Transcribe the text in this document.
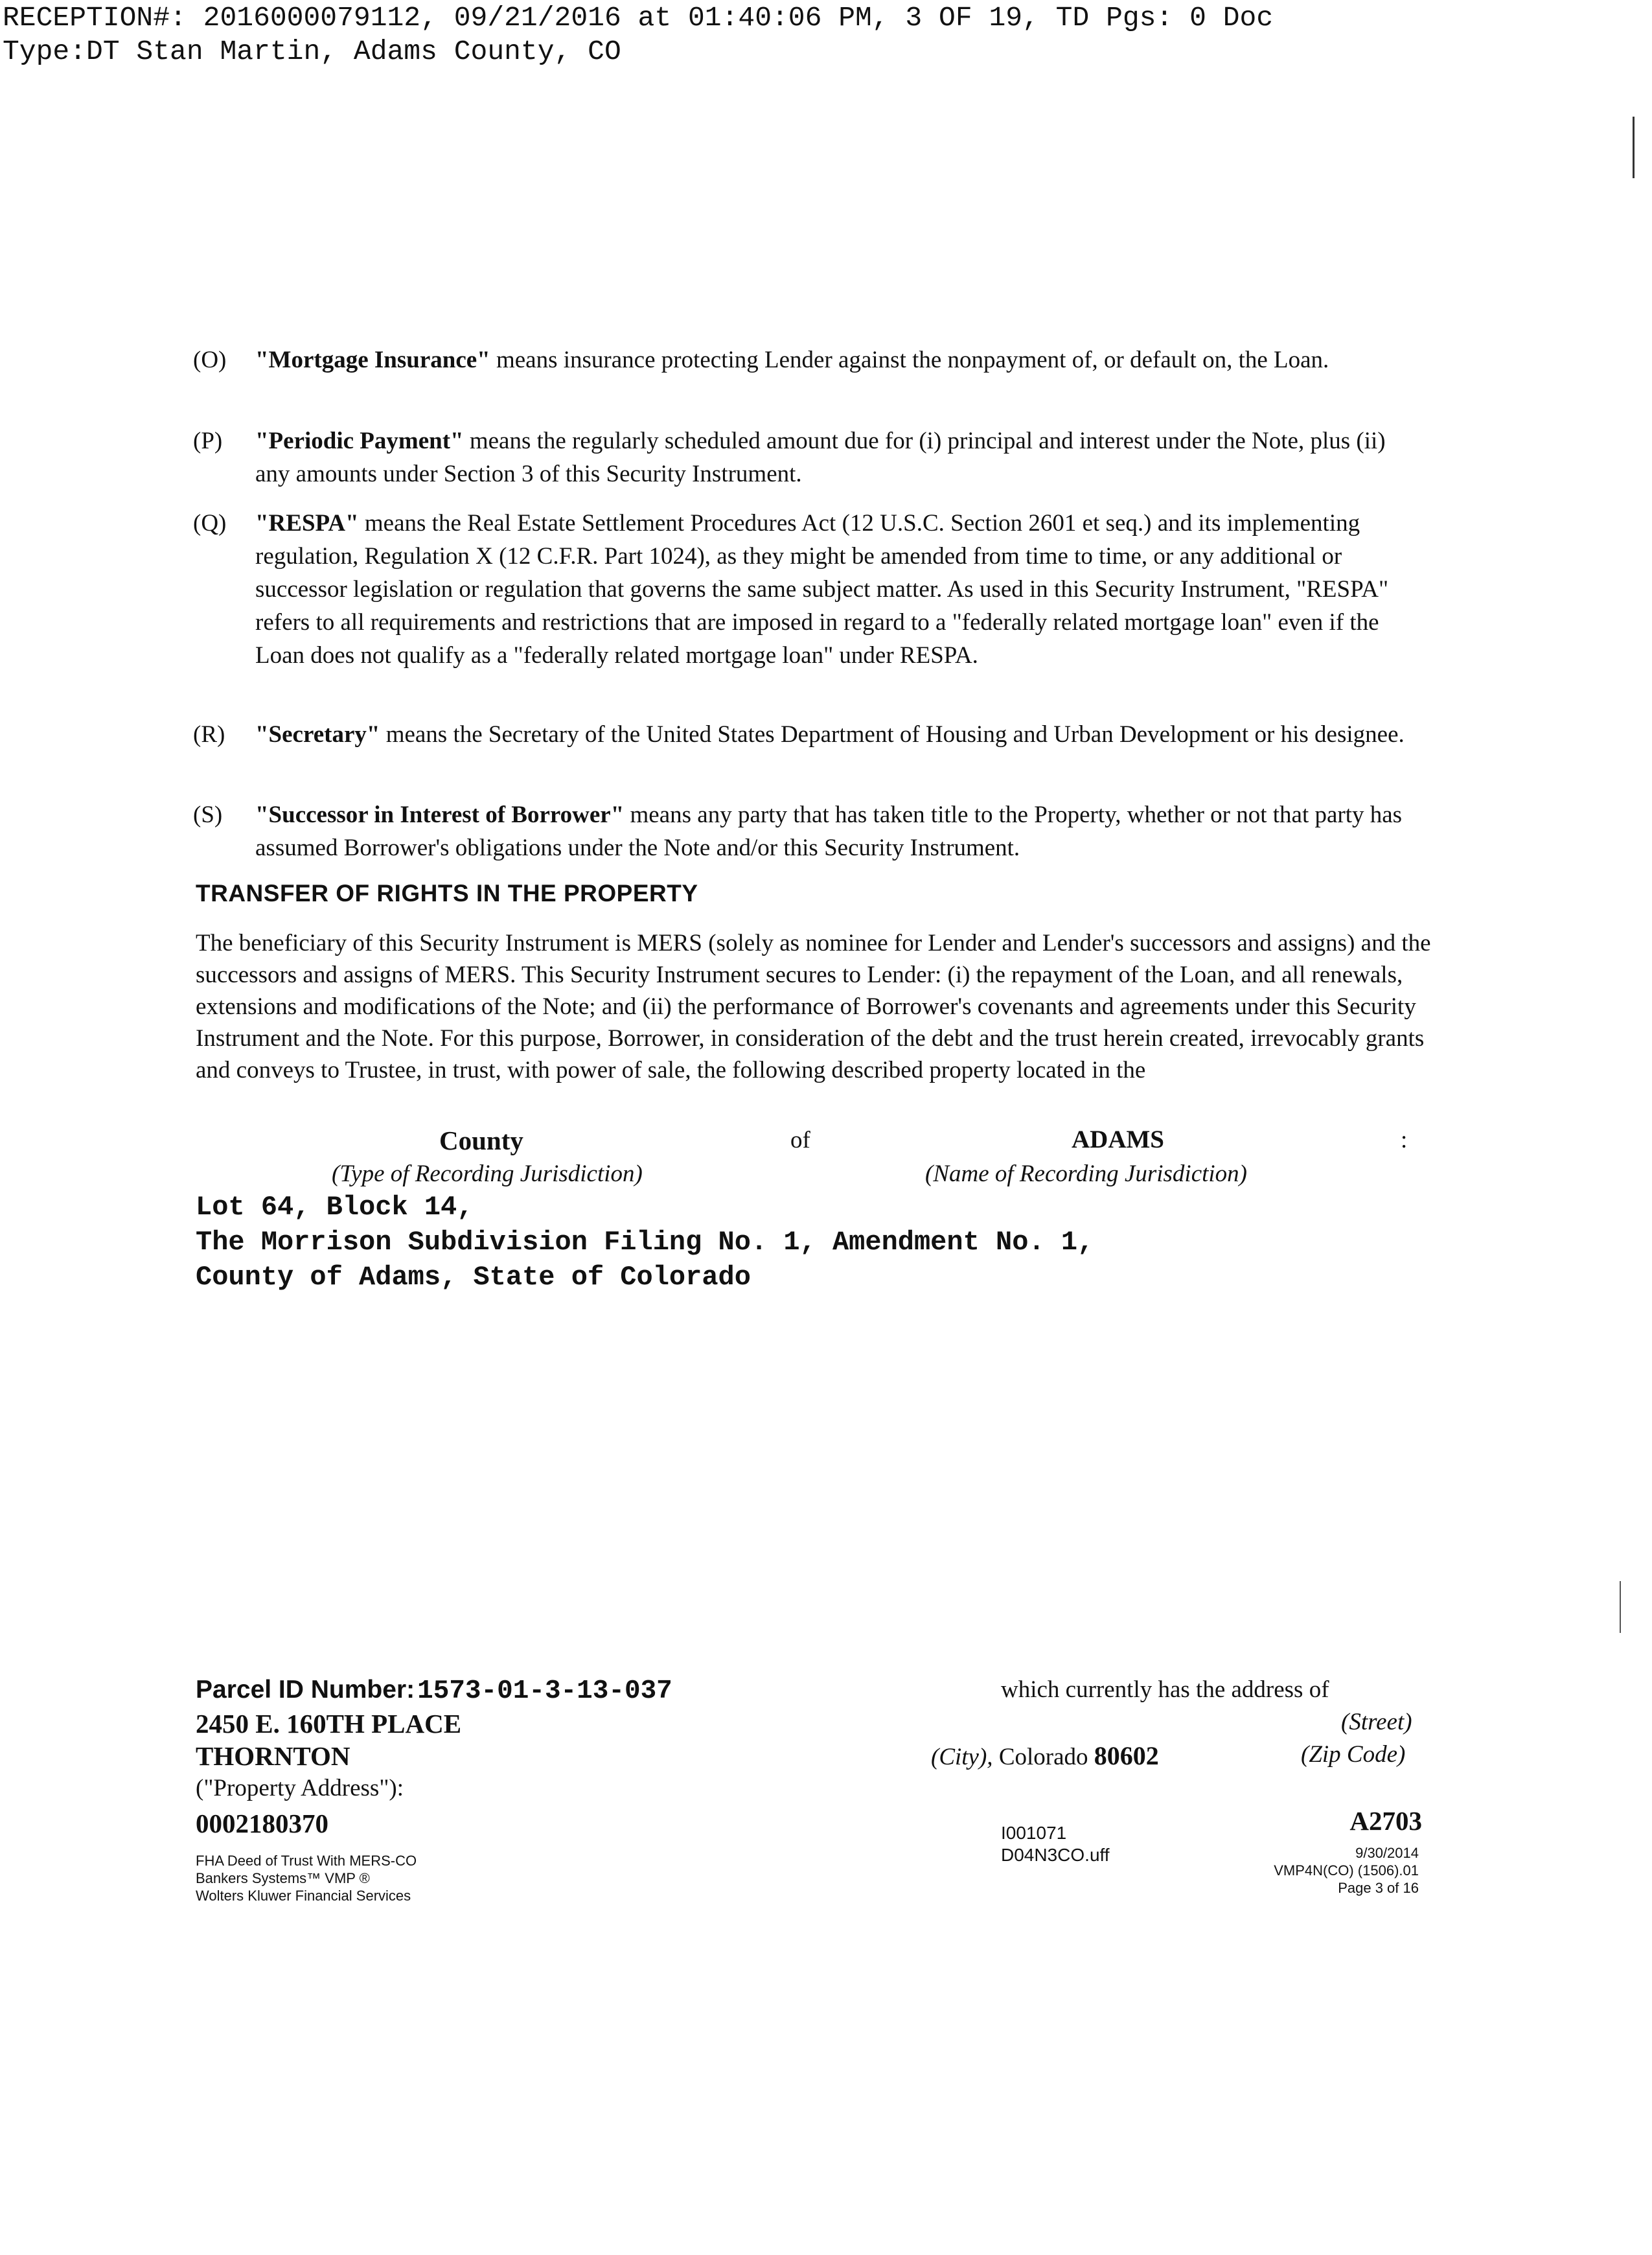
RECEPTION#: 2016000079112, 09/21/2016 at 01:40:06 PM, 3 OF 19, TD Pgs: 0 Doc
Type:DT Stan Martin, Adams County, CO
(O) "Mortgage Insurance" means insurance protecting Lender against the nonpayment of, or default on, the Loan.
(P) "Periodic Payment" means the regularly scheduled amount due for (i) principal and interest under the Note, plus (ii) any amounts under Section 3 of this Security Instrument.
(Q) "RESPA" means the Real Estate Settlement Procedures Act (12 U.S.C. Section 2601 et seq.) and its implementing regulation, Regulation X (12 C.F.R. Part 1024), as they might be amended from time to time, or any additional or successor legislation or regulation that governs the same subject matter. As used in this Security Instrument, "RESPA" refers to all requirements and restrictions that are imposed in regard to a "federally related mortgage loan" even if the Loan does not qualify as a "federally related mortgage loan" under RESPA.
(R) "Secretary" means the Secretary of the United States Department of Housing and Urban Development or his designee.
(S) "Successor in Interest of Borrower" means any party that has taken title to the Property, whether or not that party has assumed Borrower's obligations under the Note and/or this Security Instrument.
TRANSFER OF RIGHTS IN THE PROPERTY
The beneficiary of this Security Instrument is MERS (solely as nominee for Lender and Lender's successors and assigns) and the successors and assigns of MERS. This Security Instrument secures to Lender: (i) the repayment of the Loan, and all renewals, extensions and modifications of the Note; and (ii) the performance of Borrower's covenants and agreements under this Security Instrument and the Note. For this purpose, Borrower, in consideration of the debt and the trust herein created, irrevocably grants and conveys to Trustee, in trust, with power of sale, the following described property located in the
County	of	ADAMS	:
(Type of Recording Jurisdiction)	(Name of Recording Jurisdiction)
Lot 64, Block 14,
The Morrison Subdivision Filing No. 1, Amendment No. 1,
County of Adams, State of Colorado
Parcel ID Number: 1573-01-3-13-037
2450 E. 160TH PLACE
THORNTON
("Property Address"):
0002180370
which currently has the address of
(Street)
(City), Colorado 80602	(Zip Code)
FHA Deed of Trust With MERS-CO
Bankers Systems™ VMP ®
Wolters Kluwer Financial Services
I001071
D04N3CO.uff
A2703
9/30/2014
VMP4N(CO) (1506).01
Page 3 of 16
